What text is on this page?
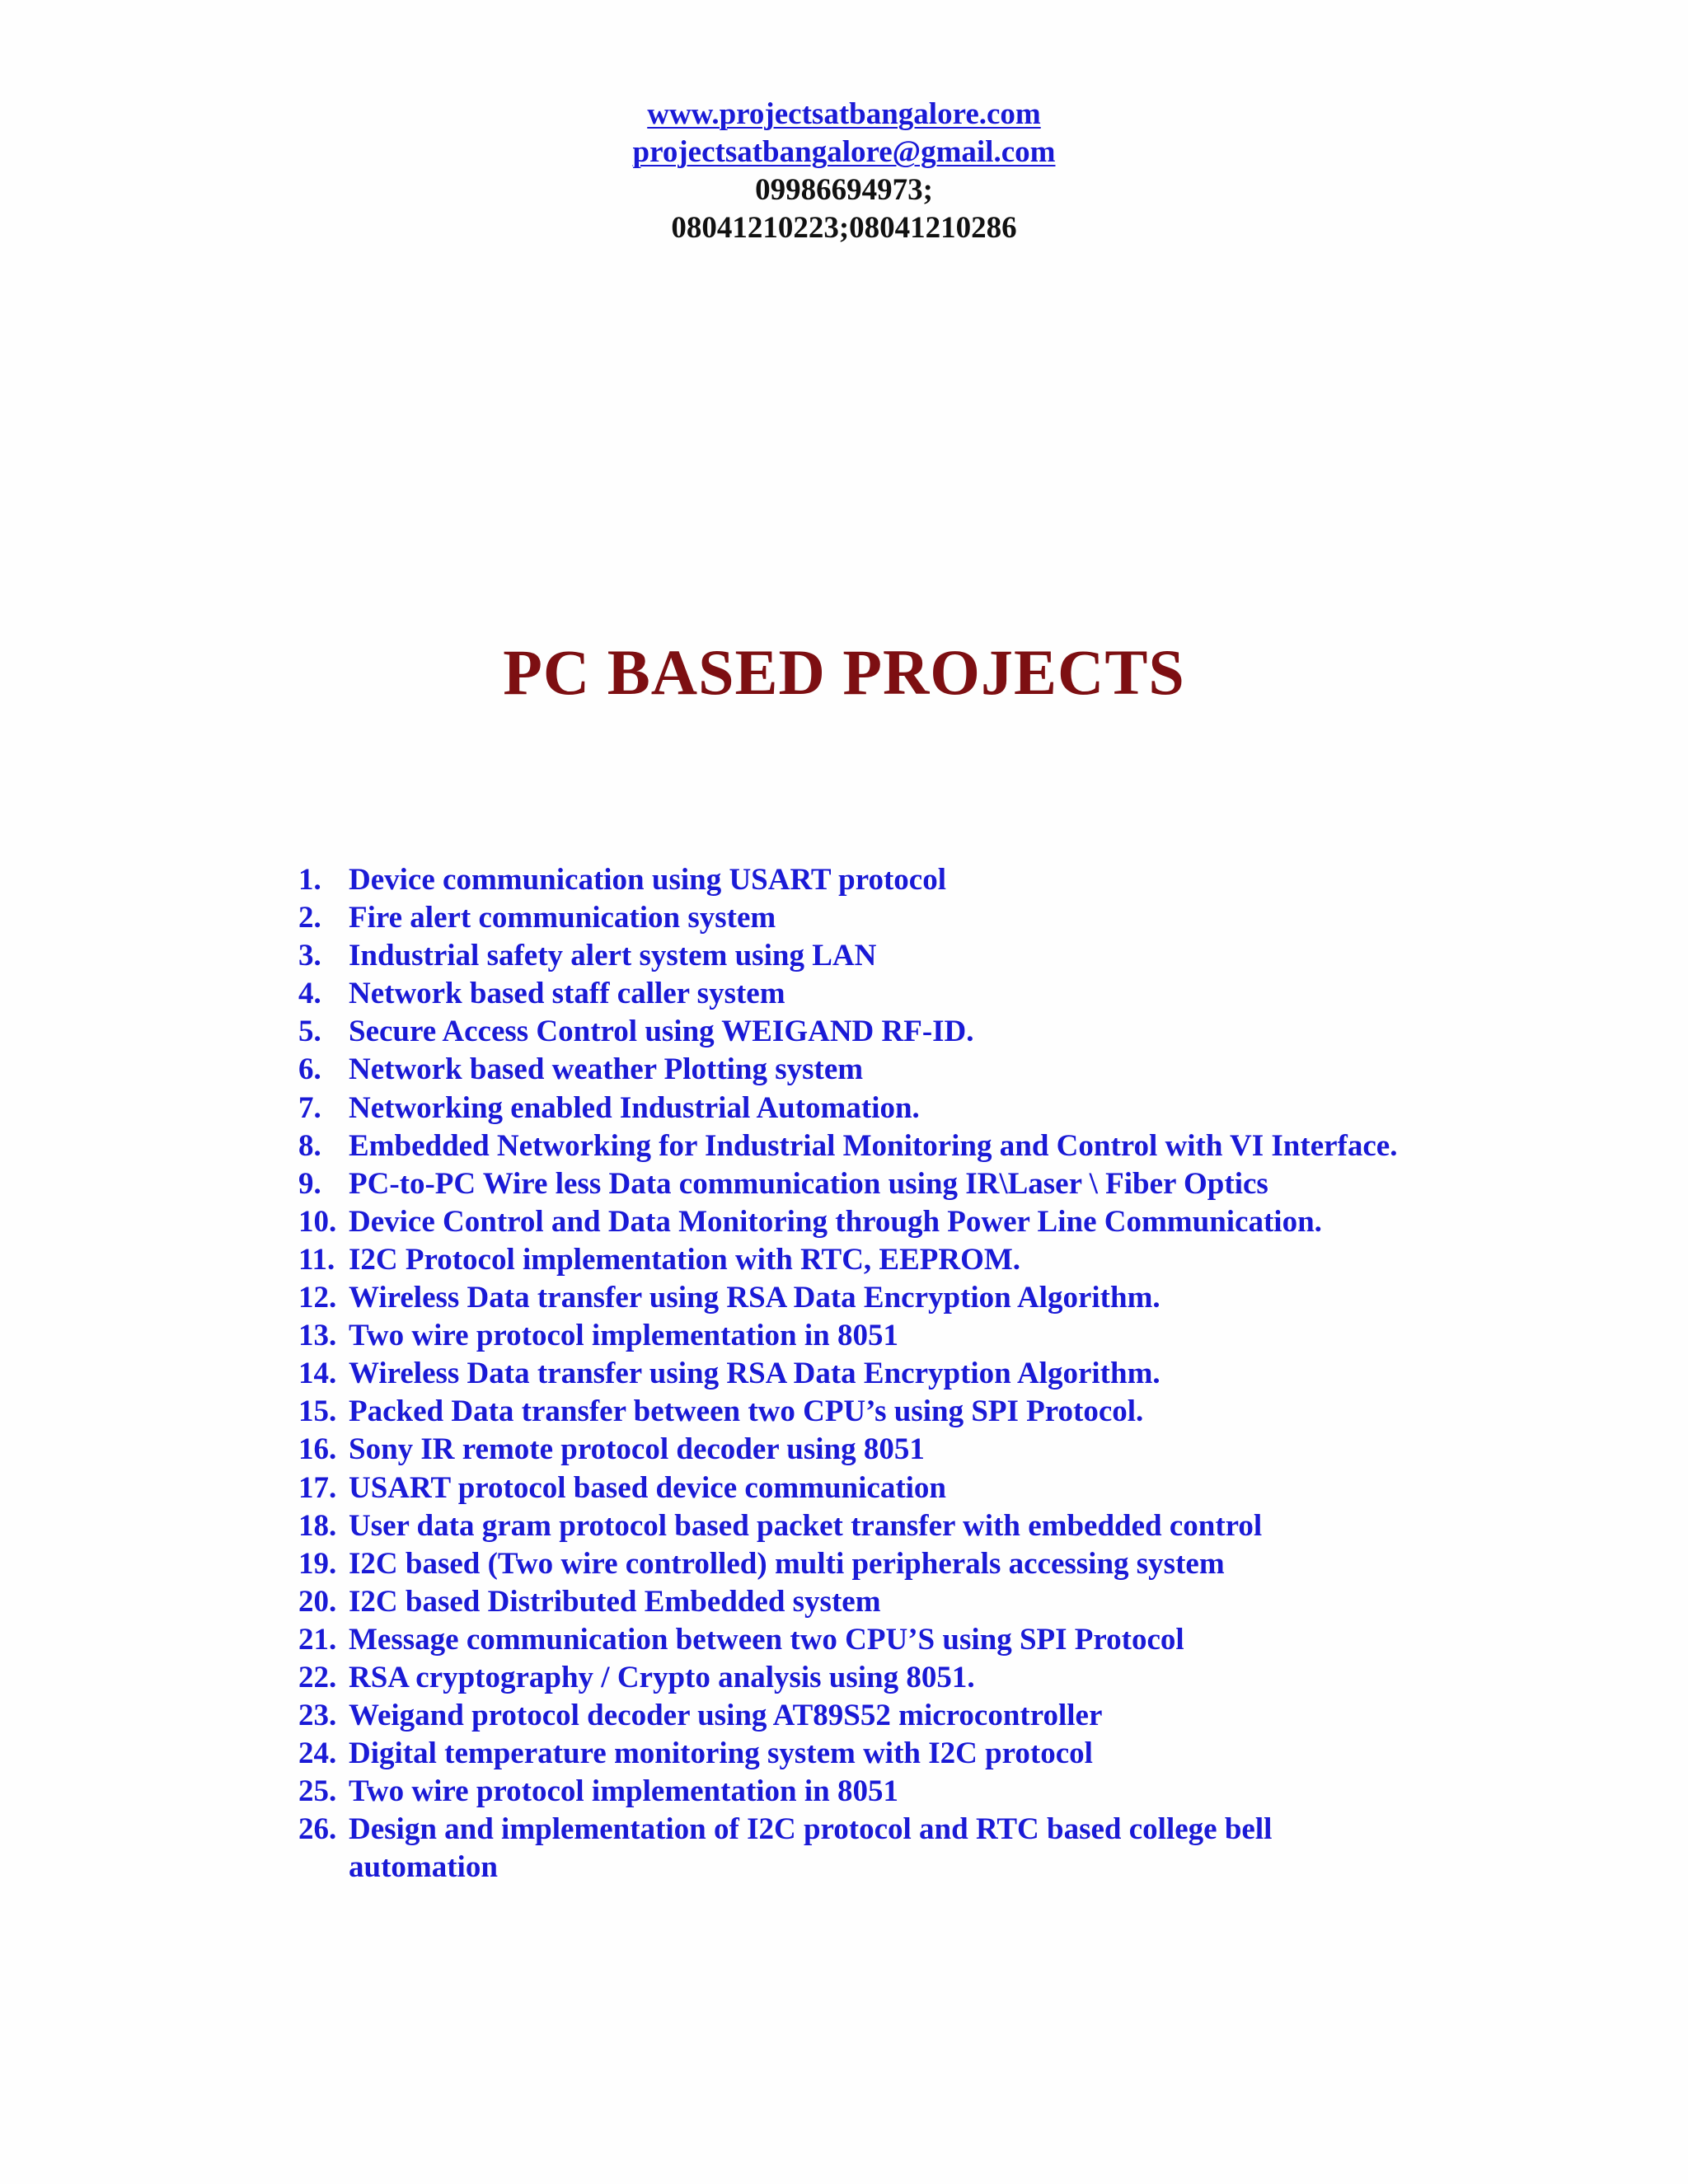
www.projectsatbangalore.com
projectsatbangalore@gmail.com
09986694973;
08041210223;08041210286
PC BASED PROJECTS
1. Device communication using USART protocol
2. Fire alert communication system
3. Industrial safety alert system using LAN
4. Network based staff caller system
5. Secure Access Control using WEIGAND RF-ID.
6. Network based weather Plotting system
7. Networking enabled Industrial Automation.
8. Embedded Networking for Industrial Monitoring and Control with VI Interface.
9. PC-to-PC Wire less Data communication using IR\Laser \ Fiber Optics
10. Device Control and Data Monitoring through Power Line Communication.
11. I2C Protocol implementation with RTC, EEPROM.
12. Wireless Data transfer using RSA Data Encryption Algorithm.
13. Two wire protocol implementation in 8051
14. Wireless Data transfer using RSA Data Encryption Algorithm.
15. Packed Data transfer between two CPU’s using SPI Protocol.
16. Sony IR remote protocol decoder using 8051
17. USART protocol based device communication
18. User data gram protocol based packet transfer with embedded control
19. I2C based (Two wire controlled) multi peripherals accessing system
20. I2C based Distributed Embedded system
21. Message communication between two CPU’S using SPI Protocol
22. RSA cryptography / Crypto analysis using 8051.
23. Weigand protocol decoder using AT89S52 microcontroller
24. Digital temperature monitoring system with I2C protocol
25. Two wire protocol implementation in 8051
26. Design and implementation of I2C protocol and RTC based college bell automation
